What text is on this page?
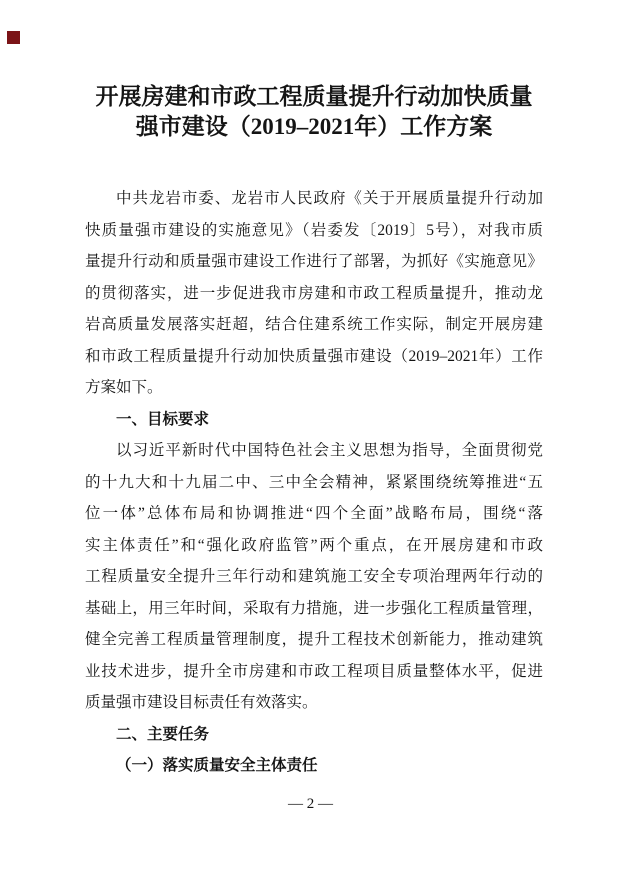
开展房建和市政工程质量提升行动加快质量
强市建设（2019–2021年）工作方案
中共龙岩市委、龙岩市人民政府《关于开展质量提升行动加
快质量强市建设的实施意见》（岩委发〔2019〕5号），对我市质
量提升行动和质量强市建设工作进行了部署，为抓好《实施意见》
的贯彻落实，进一步促进我市房建和市政工程质量提升，推动龙
岩高质量发展落实赶超，结合住建系统工作实际，制定开展房建
和市政工程质量提升行动加快质量强市建设（2019–2021年）工作
方案如下。
一、目标要求
以习近平新时代中国特色社会主义思想为指导，全面贯彻党
的十九大和十九届二中、三中全会精神，紧紧围绕统筹推进“五
位一体”总体布局和协调推进“四个全面”战略布局，围绕“落
实主体责任”和“强化政府监管”两个重点，在开展房建和市政
工程质量安全提升三年行动和建筑施工安全专项治理两年行动的
基础上，用三年时间，采取有力措施，进一步强化工程质量管理，
健全完善工程质量管理制度，提升工程技术创新能力，推动建筑
业技术进步，提升全市房建和市政工程项目质量整体水平，促进
质量强市建设目标责任有效落实。
二、主要任务
（一）落实质量安全主体责任
— 2 —
